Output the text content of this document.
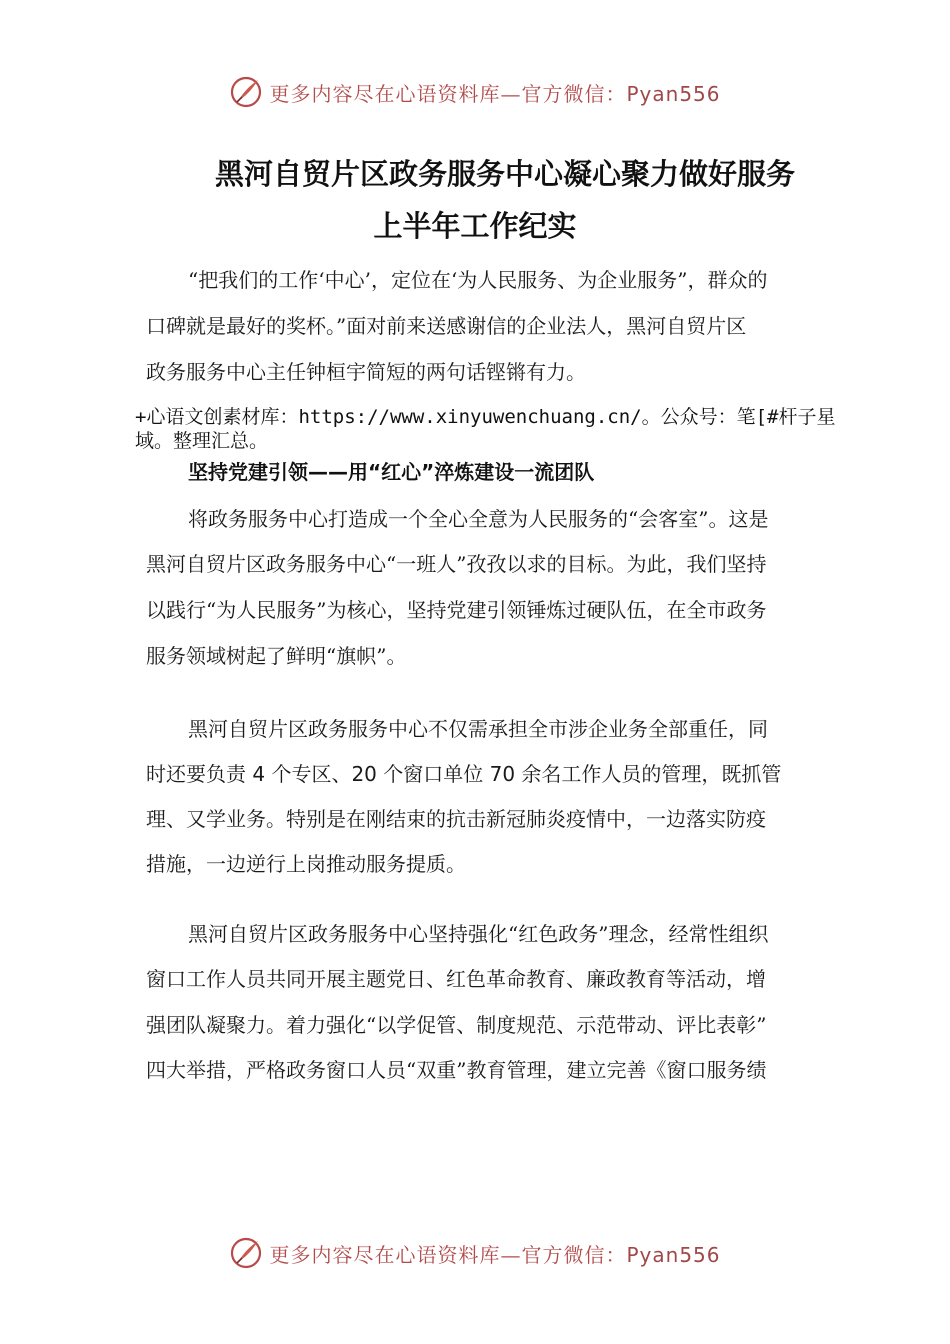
更多内容尽在心语资料库—官方微信：Pyan556
黑河自贸片区政务服务中心凝心聚力做好服务
上半年工作纪实
“把我们的工作‘中心’，定位在‘为人民服务、为企业服务”，群众的
口碑就是最好的奖杯。”面对前来送感谢信的企业法人，黑河自贸片区
政务服务中心主任钟桓宇简短的两句话铿锵有力。
+心语文创素材库：https://www.xinyuwenchuang.cn/。公众号：笔[#杆子星域。整理汇总。
坚持党建引领——用“红心”淬炼建设一流团队
将政务服务中心打造成一个全心全意为人民服务的“会客室”。这是
黑河自贸片区政务服务中心“一班人”孜孜以求的目标。为此，我们坚持
以践行“为人民服务”为核心，坚持党建引领锤炼过硬队伍，在全市政务
服务领域树起了鲜明“旗帜”。
黑河自贸片区政务服务中心不仅需承担全市涉企业务全部重任，同
时还要负责 4 个专区、20 个窗口单位 70 余名工作人员的管理，既抓管
理、又学业务。特别是在刚结束的抗击新冠肺炎疫情中，一边落实防疫
措施，一边逆行上岗推动服务提质。
黑河自贸片区政务服务中心坚持强化“红色政务”理念，经常性组织
窗口工作人员共同开展主题党日、红色革命教育、廉政教育等活动，增
强团队凝聚力。着力强化“以学促管、制度规范、示范带动、评比表彰”
四大举措，严格政务窗口人员“双重”教育管理，建立完善《窗口服务绩
更多内容尽在心语资料库—官方微信：Pyan556
